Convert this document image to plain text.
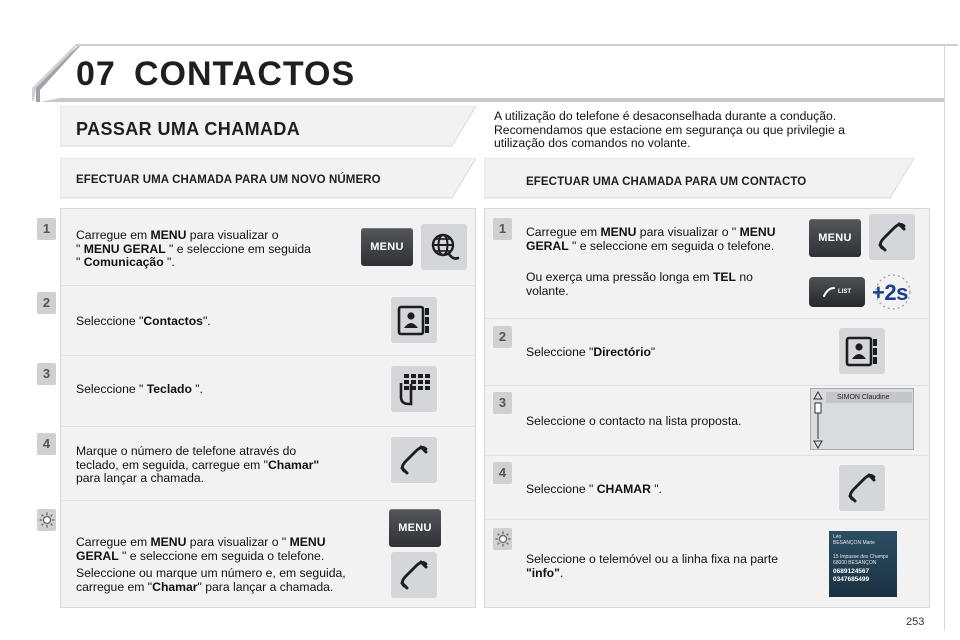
07 CONTACTOS
PASSAR UMA CHAMADA
A utilização do telefone é desaconselhada durante a condução.
Recomendamos que estacione em segurança ou que privilegie a
utilização dos comandos no volante.
EFECTUAR UMA CHAMADA PARA UM NOVO NÚMERO	EFECTUAR UMA CHAMADA PARA UM CONTACTO
1	Carregue em MENU para visualizar o
" MENU GERAL " e seleccione em seguida
" Comunicação ".
MENU
2
Seleccione "Contactos".
3
Seleccione " Teclado ".
4	Marque o número de telefone através do
teclado, em seguida, carregue em "Chamar"
para lançar a chamada.
Carregue em MENU para visualizar o " MENU
GERAL " e seleccione em seguida o telefone.
Seleccione ou marque um número e, em seguida,
carregue em "Chamar" para lançar a chamada.
MENU
1	Carregue em MENU para visualizar o " MENU
GERAL " e seleccione em seguida o telefone.
Ou exerça uma pressão longa em TEL no
volante.
MENU
LIST +2s
2
Seleccione "Directório"
3
Seleccione o contacto na lista proposta.
SIMON Claudine
4
Seleccione " CHAMAR ".
Seleccione o telemóvel ou a linha fixa na parte
"info".
Léo
BESANÇON Marie
15 Impasse des Champs
68000 BESANÇON
0689124567
0347685499
253
